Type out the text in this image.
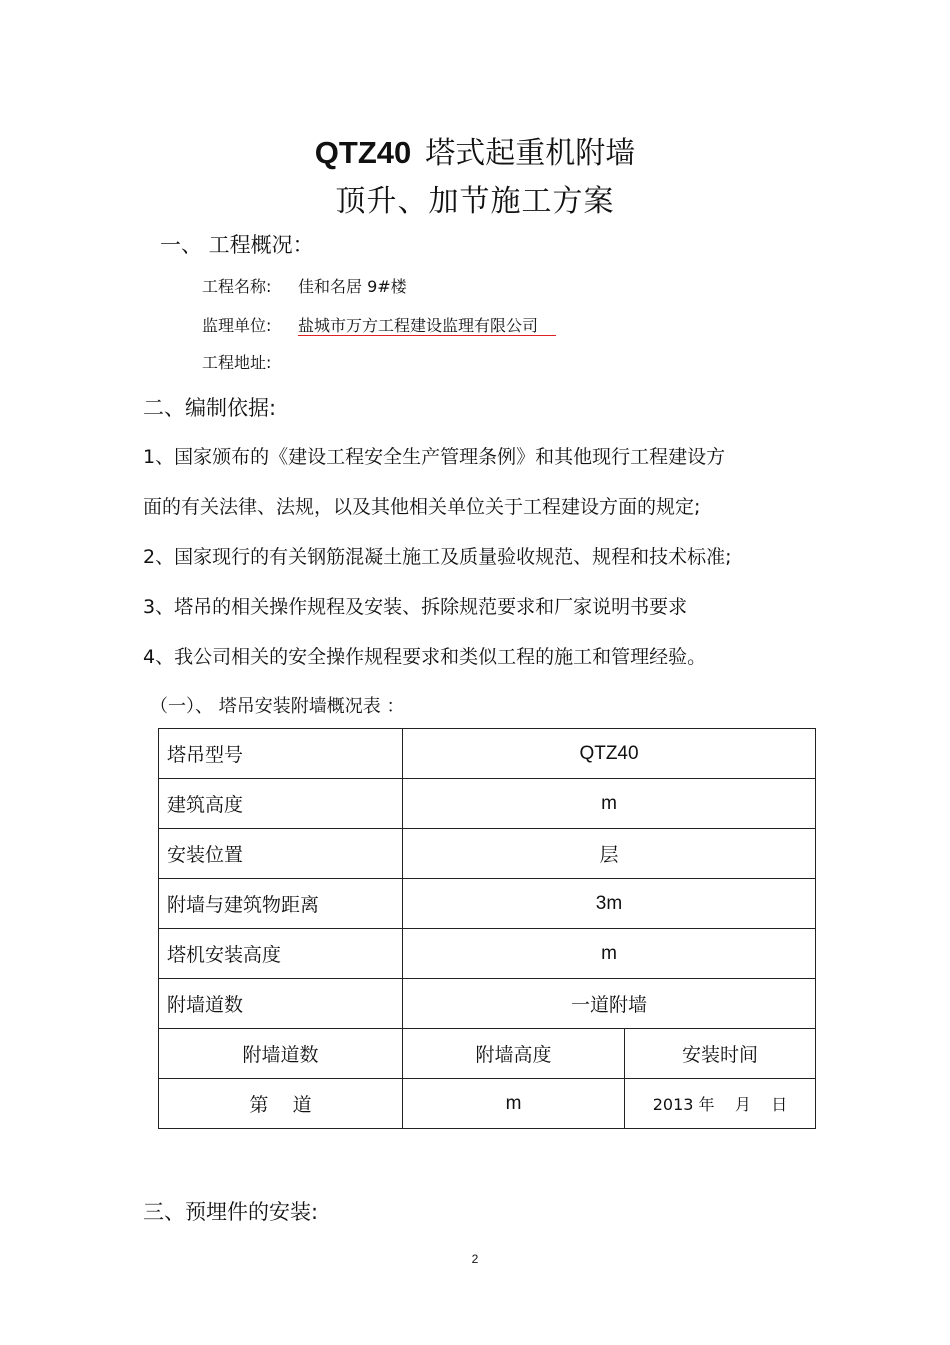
QTZ40 塔式起重机附墙
顶升、加节施工方案
一、 工程概况：
工程名称: 佳和名居 9#楼
监理单位: 盐城市万方工程建设监理有限公司
工程地址:
二、编制依据:
1、国家颁布的《建设工程安全生产管理条例》和其他现行工程建设方
面的有关法律、法规，以及其他相关单位关于工程建设方面的规定;
2、国家现行的有关钢筋混凝土施工及质量验收规范、规程和技术标准;
3、塔吊的相关操作规程及安装、拆除规范要求和厂家说明书要求
4、我公司相关的安全操作规程要求和类似工程的施工和管理经验。
（一）、 塔吊安装附墙概况表 ：
塔吊型号	QTZ40	
建筑高度	m	
安装位置	层	
附墙与建筑物距离	3m	
塔机安装高度	m	
附墙道数	一道附墙	
附墙道数	附墙高度	安装时间
第    道	m	2013 年    月    日
三、预埋件的安装:
2
